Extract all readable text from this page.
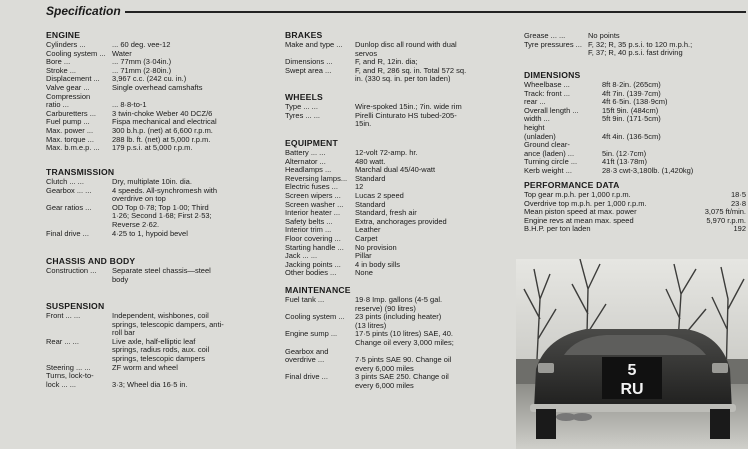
Specification
ENGINE
Cylinders ...	... 60 deg. vee-12
Cooling system ... Water
Bore ...	... 77mm (3·04in.)
Stroke ...	... 71mm (2·80in.)
Displacement ... 3,967 c.c. (242 cu. in.)
Valve gear ...	Single overhead camshafts
Compression
ratio ...	... 8·8-to-1
Carburetters ... 3 twin-choke Weber 40 DCZ/6
Fuel pump ...	Fispa mechanical and electrical
Max. power ...	300 b.h.p. (net) at 6,600 r.p.m.
Max. torque ... 288 lb. ft. (net) at 5,000 r.p.m.
Max. b.m.e.p. ... 179 p.s.i. at 5,000 r.p.m.
TRANSMISSION
Clutch ... ...	Dry, multiplate 10in. dia.
Gearbox ... ...	4 speeds. All-synchromesh with
overdrive on top
Gear ratios ...	OD Top 0·78; Top 1·00; Third
1·26; Second 1·68; First 2·53;
Reverse 2·62.
Final drive ...	4·25 to 1, hypoid bevel
CHASSIS AND BODY
Construction ... Separate steel chassis—steel
body
SUSPENSION
Front ... ...	Independent, wishbones, coil
springs, telescopic dampers, anti-
roll bar
Rear ... ...	Live axle, half-elliptic leaf
springs, radius rods, aux. coil
springs, telescopic dampers
Steering ... ...	ZF worm and wheel
Turns, lock-to-
lock ... ...	3·3; Wheel dia 16·5 in.
BRAKES
Make and type ... Dunlop disc all round with dual
servos
Dimensions ...	F, and R, 12in. dia;
Swept area ...	F, and R, 286 sq. in. Total 572 sq.
in. (330 sq. in. per ton laden)
WHEELS
Type ... ...	Wire-spoked 15in.; 7in. wide rim
Tyres ... ...	Pirelli Cinturato HS tubed-205-
15in.
EQUIPMENT
Battery ... ...	12-volt 72-amp. hr.
Alternator ...	480 watt.
Headlamps ...	Marchal dual 45/40-watt
Reversing lamps... Standard
Electric fuses ... 12
Screen wipers ... Lucas 2 speed
Screen washer ... Standard
Interior heater ... Standard, fresh air
Safety belts ...	Extra, anchorages provided
Interior trim ...	Leather
Floor covering ... Carpet
Starting handle ... No provision
Jack ... ...	Pillar
Jacking points ... 4 in body sills
Other bodies ... None
MAINTENANCE
Fuel tank ...	19·8 Imp. gallons (4-5 gal.
reserve) (90 litres)
Cooling system ... 23 pints (including heater)
(13 litres)
Engine sump ... 17·5 pints (10 litres) SAE, 40.
Change oil every 3,000 miles;
Gearbox and
overdrive ...	7·5 pints SAE 90. Change oil
every 6,000 miles
Final drive ...	3 pints SAE 250. Change oil
every 6,000 miles
Grease ... ...	No points
Tyre pressures ... F, 32; R, 35 p.s.i. to 120 m.p.h.;
F, 37; R, 40 p.s.i. fast driving
DIMENSIONS
Wheelbase ...	8ft 8·2in. (265cm)
Track: front ...	4ft 7in. (139·7cm)
rear ...	4ft 6·5in. (138·9cm)
Overall length ...	15ft 9in. (484cm)
width ...	5ft 9in. (171·5cm)
height
(unladen)	4ft 4in. (136·5cm)
Ground clear-
ance (laden) ...	5in. (12·7cm)
Turning circle ...	41ft (13·78m)
Kerb weight ...	28·3 cwt-3,180lb. (1,420kg)
PERFORMANCE DATA
Top gear m.p.h. per 1,000 r.p.m.	18·5
Overdrive top m.p.h. per 1,000 r.p.m.	23·8
Mean piston speed at max. power	3,075 ft/min.
Engine revs at mean max. speed	5,970 r.p.m.
B.H.P. per ton laden	192
5
RU
